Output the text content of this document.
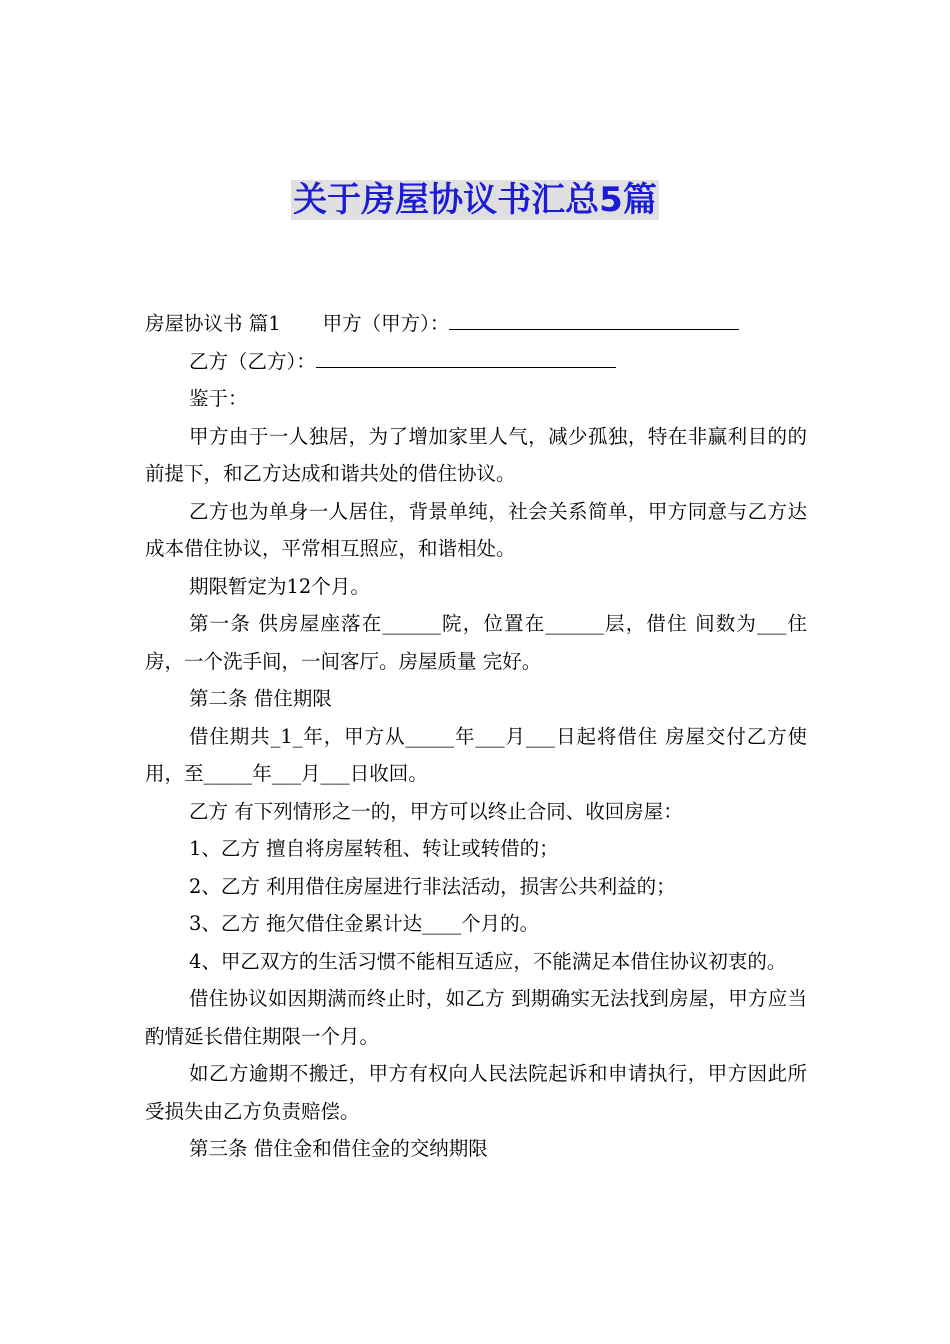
关于房屋协议书汇总5篇

房屋协议书 篇1 甲方（甲方）：

乙方（乙方）：

鉴于：

甲方由于一人独居，为了增加家里人气，减少孤独，特在非赢利目的的前提下，和乙方达成和谐共处的借住协议。

乙方也为单身一人居住，背景单纯，社会关系简单，甲方同意与乙方达成本借住协议，平常相互照应，和谐相处。

期限暂定为12个月。

第一条 供房屋座落在______院，位置在______层，借住 间数为___住房，一个洗手间，一间客厅。房屋质量 完好。

第二条 借住期限

借住期共_1_年，甲方从_____年___月___日起将借住 房屋交付乙方使用，至_____年___月___日收回。

乙方 有下列情形之一的，甲方可以终止合同、收回房屋：

1、乙方 擅自将房屋转租、转让或转借的；

2、乙方 利用借住房屋进行非法活动，损害公共利益的；

3、乙方 拖欠借住金累计达____个月的。

4、甲乙双方的生活习惯不能相互适应，不能满足本借住协议初衷的。

借住协议如因期满而终止时，如乙方 到期确实无法找到房屋，甲方应当酌情延长借住期限一个月。

如乙方逾期不搬迁，甲方有权向人民法院起诉和申请执行，甲方因此所受损失由乙方负责赔偿。

第三条 借住金和借住金的交纳期限
